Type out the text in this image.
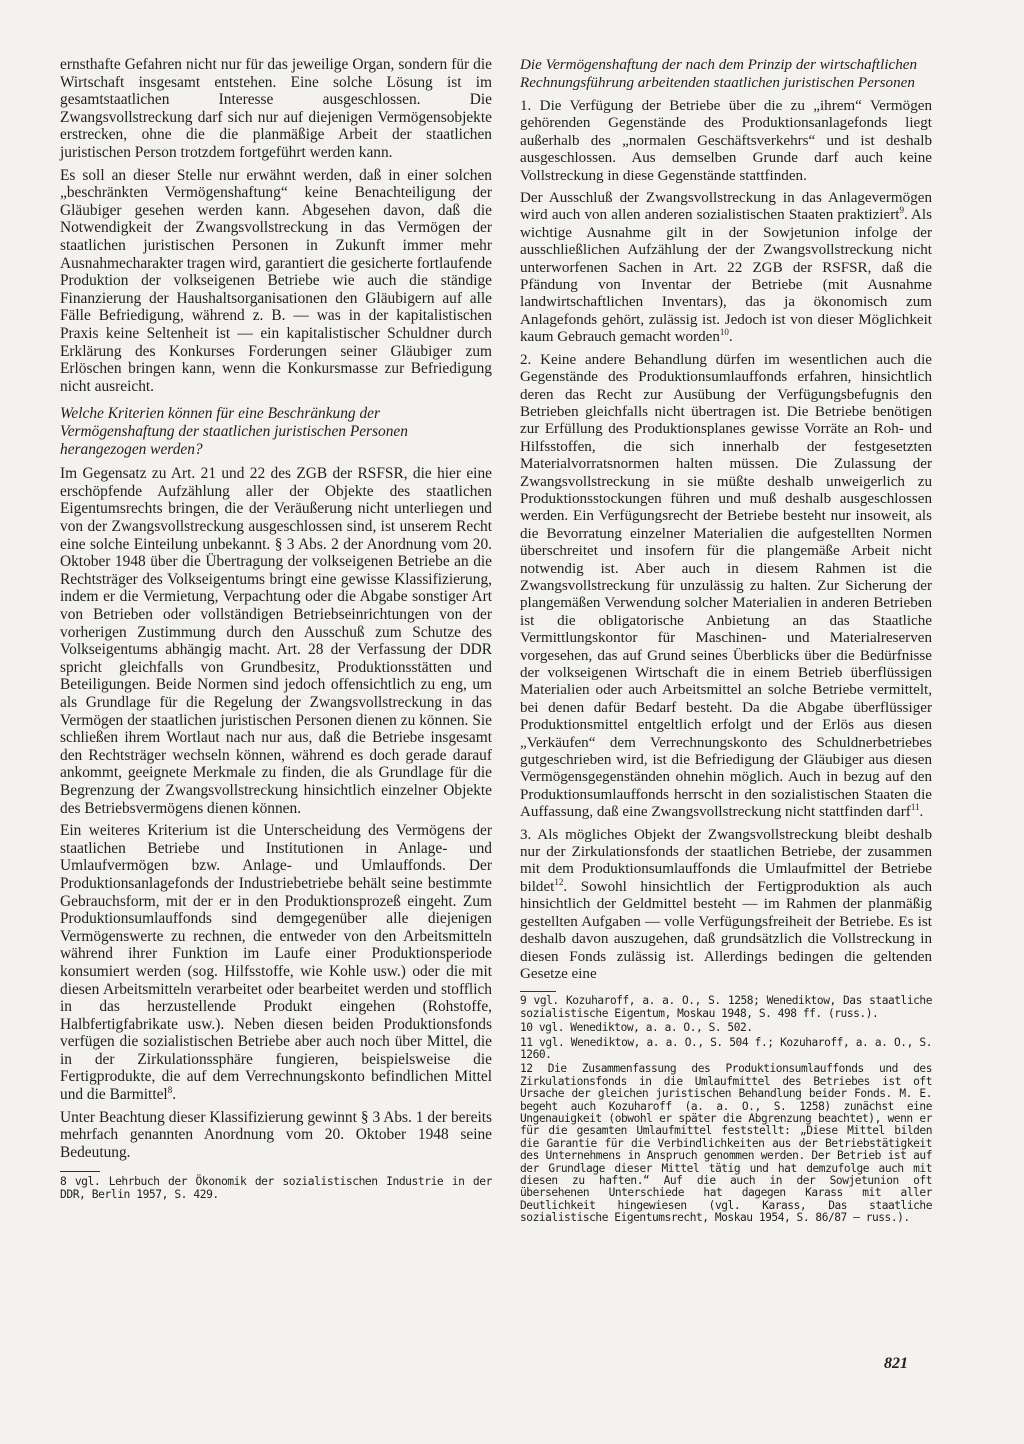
ernsthafte Gefahren nicht nur für das jeweilige Organ, sondern für die Wirtschaft insgesamt entstehen. Eine solche Lösung ist im gesamtstaatlichen Interesse ausgeschlossen. Die Zwangsvollstreckung darf sich nur auf diejenigen Vermögensobjekte erstrecken, ohne die die planmäßige Arbeit der staatlichen juristischen Person trotzdem fortgeführt werden kann.

Es soll an dieser Stelle nur erwähnt werden, daß in einer solchen „beschränkten Vermögenshaftung“ keine Benachteiligung der Gläubiger gesehen werden kann. Abgesehen davon, daß die Notwendigkeit der Zwangsvollstreckung in das Vermögen der staatlichen juristischen Personen in Zukunft immer mehr Ausnahmecharakter tragen wird, garantiert die gesicherte fortlaufende Produktion der volkseigenen Betriebe wie auch die ständige Finanzierung der Haushaltsorganisationen den Gläubigern auf alle Fälle Befriedigung, während z. B. — was in der kapitalistischen Praxis keine Seltenheit ist — ein kapitalistischer Schuldner durch Erklärung des Konkurses Forderungen seiner Gläubiger zum Erlöschen bringen kann, wenn die Konkursmasse zur Befriedigung nicht ausreicht.

Welche Kriterien können für eine Beschränkung der Vermögenshaftung der staatlichen juristischen Personen herangezogen werden?

Im Gegensatz zu Art. 21 und 22 des ZGB der RSFSR, die hier eine erschöpfende Aufzählung aller der Objekte des staatlichen Eigentumsrechts bringen, die der Veräußerung nicht unterliegen und von der Zwangsvollstreckung ausgeschlossen sind, ist unserem Recht eine solche Einteilung unbekannt. § 3 Abs. 2 der Anordnung vom 20. Oktober 1948 über die Übertragung der volkseigenen Betriebe an die Rechtsträger des Volkseigentums bringt eine gewisse Klassifizierung, indem er die Vermietung, Verpachtung oder die Abgabe sonstiger Art von Betrieben oder vollständigen Betriebseinrichtungen von der vorherigen Zustimmung durch den Ausschuß zum Schutze des Volkseigentums abhängig macht. Art. 28 der Verfassung der DDR spricht gleichfalls von Grundbesitz, Produktionsstätten und Beteiligungen. Beide Normen sind jedoch offensichtlich zu eng, um als Grundlage für die Regelung der Zwangsvollstreckung in das Vermögen der staatlichen juristischen Personen dienen zu können. Sie schließen ihrem Wortlaut nach nur aus, daß die Betriebe insgesamt den Rechtsträger wechseln können, während es doch gerade darauf ankommt, geeignete Merkmale zu finden, die als Grundlage für die Begrenzung der Zwangsvollstreckung hinsichtlich einzelner Objekte des Betriebsvermögens dienen können.

Ein weiteres Kriterium ist die Unterscheidung des Vermögens der staatlichen Betriebe und Institutionen in Anlage- und Umlaufvermögen bzw. Anlage- und Umlauffonds. Der Produktionsanlagefonds der Industriebetriebe behält seine bestimmte Gebrauchsform, mit der er in den Produktionsprozeß eingeht. Zum Produktionsumlauffonds sind demgegenüber alle diejenigen Vermögenswerte zu rechnen, die entweder von den Arbeitsmitteln während ihrer Funktion im Laufe einer Produktionsperiode konsumiert werden (sog. Hilfsstoffe, wie Kohle usw.) oder die mit diesen Arbeitsmitteln verarbeitet oder bearbeitet werden und stofflich in das herzustellende Produkt eingehen (Rohstoffe, Halbfertigfabrikate usw.). Neben diesen beiden Produktionsfonds verfügen die sozialistischen Betriebe aber auch noch über Mittel, die in der Zirkulationssphäre fungieren, beispielsweise die Fertigprodukte, die auf dem Verrechnungskonto befindlichen Mittel und die Barmittel$^8$.

Unter Beachtung dieser Klassifizierung gewinnt § 3 Abs. 1 der bereits mehrfach genannten Anordnung vom 20. Oktober 1948 seine Bedeutung.

8 vgl. Lehrbuch der Ökonomik der sozialistischen Industrie in der DDR, Berlin 1957, S. 429.
Die Vermögenshaftung der nach dem Prinzip der wirtschaftlichen Rechnungsführung arbeitenden staatlichen juristischen Personen

1. Die Verfügung der Betriebe über die zu „ihrem“ Vermögen gehörenden Gegenstände des Produktionsanlagefonds liegt außerhalb des „normalen Geschäftsverkehrs“ und ist deshalb ausgeschlossen. Aus demselben Grunde darf auch keine Vollstreckung in diese Gegenstände stattfinden.

Der Ausschluß der Zwangsvollstreckung in das Anlagevermögen wird auch von allen anderen sozialistischen Staaten praktiziert$^9$. Als wichtige Ausnahme gilt in der Sowjetunion infolge der ausschließlichen Aufzählung der der Zwangsvollstreckung nicht unterworfenen Sachen in Art. 22 ZGB der RSFSR, daß die Pfändung von Inventar der Betriebe (mit Ausnahme landwirtschaftlichen Inventars), das ja ökonomisch zum Anlagefonds gehört, zulässig ist. Jedoch ist von dieser Möglichkeit kaum Gebrauch gemacht worden$^{10}$.

2. Keine andere Behandlung dürfen im wesentlichen auch die Gegenstände des Produktionsumlauffonds erfahren, hinsichtlich deren das Recht zur Ausübung der Verfügungsbefugnis den Betrieben gleichfalls nicht übertragen ist. Die Betriebe benötigen zur Erfüllung des Produktionsplanes gewisse Vorräte an Roh- und Hilfsstoffen, die sich innerhalb der festgesetzten Materialvorratsnormen halten müssen. Die Zulassung der Zwangsvollstreckung in sie müßte deshalb unweigerlich zu Produktionsstockungen führen und muß deshalb ausgeschlossen werden. Ein Verfügungsrecht der Betriebe besteht nur insoweit, als die Bevorratung einzelner Materialien die aufgestellten Normen überschreitet und insofern für die plangemäße Arbeit nicht notwendig ist. Aber auch in diesem Rahmen ist die Zwangsvollstreckung für unzulässig zu halten. Zur Sicherung der plangemäßen Verwendung solcher Materialien in anderen Betrieben ist die obligatorische Anbietung an das Staatliche Vermittlungskontor für Maschinen- und Materialreserven vorgesehen, das auf Grund seines Überblicks über die Bedürfnisse der volkseigenen Wirtschaft die in einem Betrieb überflüssigen Materialien oder auch Arbeitsmittel an solche Betriebe vermittelt, bei denen dafür Bedarf besteht. Da die Abgabe überflüssiger Produktionsmittel entgeltlich erfolgt und der Erlös aus diesen „Verkäufen“ dem Verrechnungskonto des Schuldnerbetriebes gutgeschrieben wird, ist die Befriedigung der Gläubiger aus diesen Vermögensgegenständen ohnehin möglich. Auch in bezug auf den Produktionsumlauffonds herrscht in den sozialistischen Staaten die Auffassung, daß eine Zwangsvollstreckung nicht stattfinden darf$^{11}$.

3. Als mögliches Objekt der Zwangsvollstreckung bleibt deshalb nur der Zirkulationsfonds der staatlichen Betriebe, der zusammen mit dem Produktionsumlauffonds die Umlaufmittel der Betriebe bildet$^{12}$. Sowohl hinsichtlich der Fertigproduktion als auch hinsichtlich der Geldmittel besteht — im Rahmen der planmäßig gestellten Aufgaben — volle Verfügungsfreiheit der Betriebe. Es ist deshalb davon auszugehen, daß grundsätzlich die Vollstreckung in diesen Fonds zulässig ist. Allerdings bedingen die geltenden Gesetze eine

9 vgl. Kozuharoff, a. a. O., S. 1258; Wenediktow, Das staatliche sozialistische Eigentum, Moskau 1948, S. 498 ff. (russ.).
10 vgl. Wenediktow, a. a. O., S. 502.
11 vgl. Wenediktow, a. a. O., S. 504 f.; Kozuharoff, a. a. O., S. 1260.
12 Die Zusammenfassung des Produktionsumlauffonds und des Zirkulationsfonds in die Umlaufmittel des Betriebes ist oft Ursache der gleichen juristischen Behandlung beider Fonds. M. E. begeht auch Kozuharoff (a. a. O., S. 1258) zunächst eine Ungenauigkeit (obwohl er später die Abgrenzung beachtet), wenn er für die gesamten Umlaufmittel feststellt: „Diese Mittel bilden die Garantie für die Verbindlichkeiten aus der Betriebstätigkeit des Unternehmens in Anspruch genommen werden. Der Betrieb ist auf der Grundlage dieser Mittel tätig und hat demzufolge auch mit diesen zu haften.“ Auf die auch in der Sowjetunion oft übersehenen Unterschiede hat dagegen Karass mit aller Deutlichkeit hingewiesen (vgl. Karass, Das staatliche sozialistische Eigentumsrecht, Moskau 1954, S. 86/87 — russ.).
821
